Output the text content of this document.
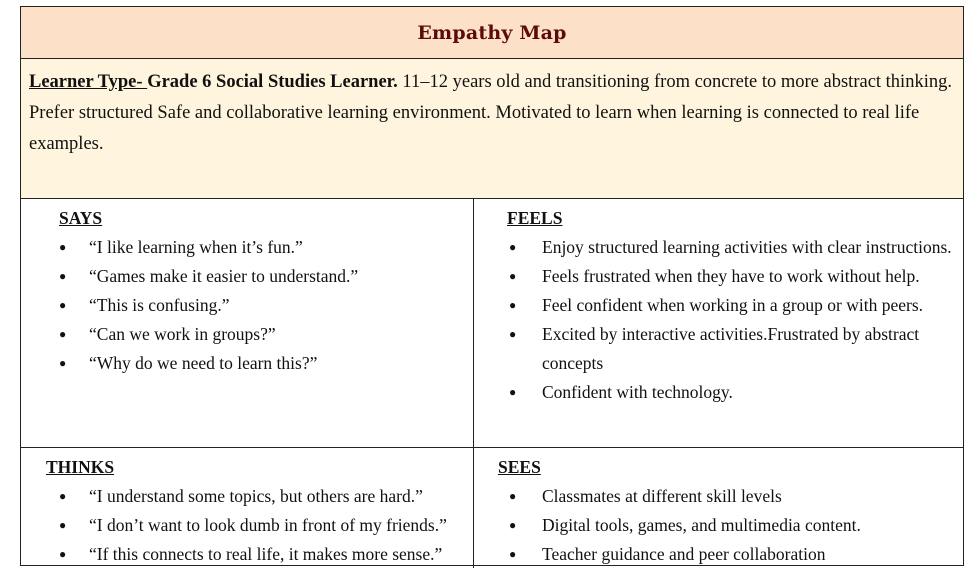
Empathy Map
Learner Type- Grade 6 Social Studies Learner. 11–12 years old and transitioning from concrete to more abstract thinking. Prefer structured Safe and collaborative learning environment. Motivated to learn when learning is connected to real life examples.
SAYS
● “I like learning when it’s fun.”
● “Games make it easier to understand.”
● “This is confusing.”
● “Can we work in groups?”
● “Why do we need to learn this?”
FEELS
● Enjoy structured learning activities with clear instructions.
● Feels frustrated when they have to work without help.
● Feel confident when working in a group or with peers.
● Excited by interactive activities.Frustrated by abstract concepts
● Confident with technology.
THINKS
● “I understand some topics, but others are hard.”
● “I don’t want to look dumb in front of my friends.”
● “If this connects to real life, it makes more sense.”
SEES
● Classmates at different skill levels
● Digital tools, games, and multimedia content.
● Teacher guidance and peer collaboration
